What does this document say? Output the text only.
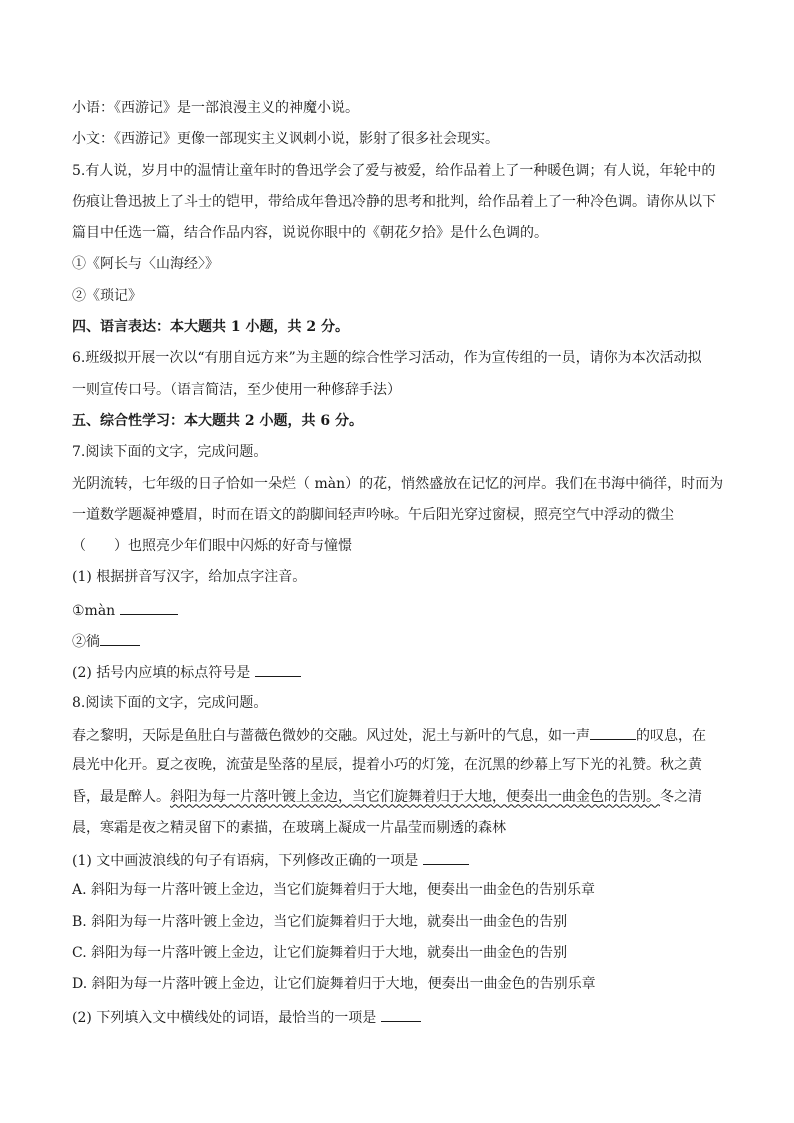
小语：《西游记》是一部浪漫主义的神魔小说。
小文：《西游记》更像一部现实主义讽刺小说，影射了很多社会现实。
5.有人说，岁月中的温情让童年时的鲁迅学会了爱与被爱，给作品着上了一种暖色调；有人说，年轮中的
伤痕让鲁迅披上了斗士的铠甲，带给成年鲁迅冷静的思考和批判，给作品着上了一种冷色调。请你从以下
篇目中任选一篇，结合作品内容，说说你眼中的《朝花夕拾》是什么色调的。
①《阿长与〈山海经〉》
②《琐记》
四、语言表达：本大题共 1 小题，共 2 分。
6.班级拟开展一次以“有朋自远方来”为主题的综合性学习活动，作为宣传组的一员，请你为本次活动拟
一则宣传口号。（语言简洁，至少使用一种修辞手法）
五、综合性学习：本大题共 2 小题，共 6 分。
7.阅读下面的文字，完成问题。
光阴流转，七年级的日子恰如一朵烂（ màn）的花，悄然盛放在记忆的河岸。我们在书海中徜徉，时而为
一道数学题凝神蹙眉，时而在语文的韵脚间轻声吟咏。午后阳光穿过窗棂，照亮空气中浮动的微尘
（　　）也照亮少年们眼中闪烁的好奇与憧憬
(1) 根据拼音写汉字，给加点字注音。
①màn
②徜
(2) 括号内应填的标点符号是
8.阅读下面的文字，完成问题。
春之黎明，天际是鱼肚白与蔷薇色微妙的交融。风过处，泥土与新叶的气息，如一声	的叹息，在
晨光中化开。夏之夜晚，流萤是坠落的星辰，提着小巧的灯笼，在沉黑的纱幕上写下光的礼赞。秋之黄
昏，最是醉人。斜阳为每一片落叶镀上金边，当它们旋舞着归于大地，便奏出一曲金色的告别。冬之清
晨，寒霜是夜之精灵留下的素描，在玻璃上凝成一片晶莹而剔透的森林
(1) 文中画波浪线的句子有语病，下列修改正确的一项是
A. 斜阳为每一片落叶镀上金边，当它们旋舞着归于大地，便奏出一曲金色的告别乐章
B. 斜阳为每一片落叶镀上金边，当它们旋舞着归于大地，就奏出一曲金色的告别
C. 斜阳为每一片落叶镀上金边，让它们旋舞着归于大地，就奏出一曲金色的告别
D. 斜阳为每一片落叶镀上金边，让它们旋舞着归于大地，便奏出一曲金色的告别乐章
(2) 下列填入文中横线处的词语，最恰当的一项是
